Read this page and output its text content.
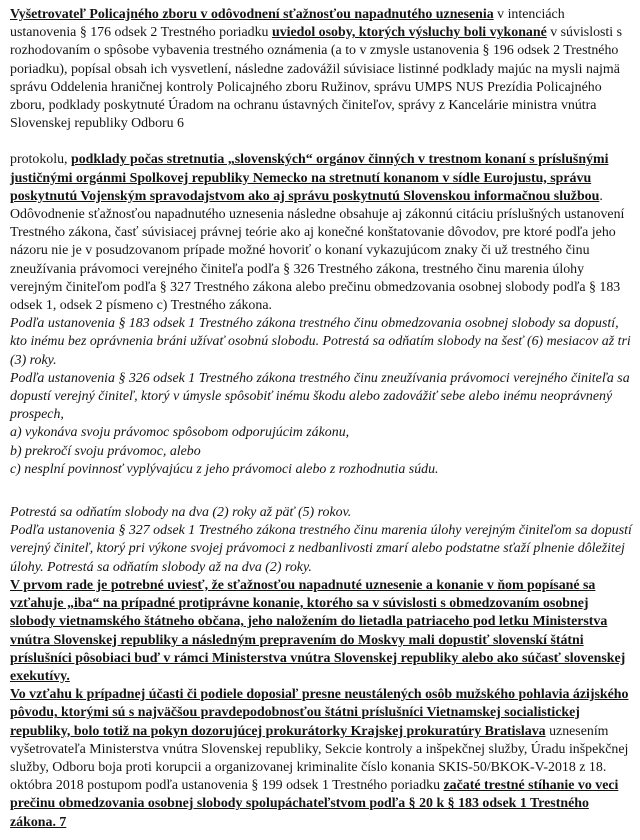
Vyšetrovateľ Policajného zboru v odôvodnení sťažnosťou napadnutého uznesenia v intenciách ustanovenia § 176 odsek 2 Trestného poriadku uviedol osoby, ktorých výsluchy boli vykonané v súvislosti s rozhodovaním o spôsobe vybavenia trestného oznámenia (a to v zmysle ustanovenia § 196 odsek 2 Trestného poriadku), popísal obsah ich vysvetlení, následne zadovážil súvisiace listinné podklady majúc na mysli najmä správu Oddelenia hraničnej kontroly Policajného zboru Ružinov, správu UMPS NUS Prezídia Policajného zboru, podklady poskytnuté Úradom na ochranu ústavných činiteľov, správy z Kancelárie ministra vnútra Slovenskej republiky Odboru 6

protokolu, podklady počas stretnutia „slovenských“ orgánov činných v trestnom konaní s príslušnými justičnými orgánmi Spolkovej republiky Nemecko na stretnutí konanom v sídle Eurojustu, správu poskytnutú Vojenským spravodajstvom ako aj správu poskytnutú Slovenskou informačnou službou. Odôvodnenie sťažnosťou napadnutého uznesenia následne obsahuje aj zákonnú citáciu príslušných ustanovení Trestného zákona, časť súvisiacej právnej teórie ako aj konečné konštatovanie dôvodov, pre ktoré podľa jeho názoru nie je v posudzovanom prípade možné hovoriť o konaní vykazujúcom znaky či už trestného činu zneužívania právomoci verejného činiteľa podľa § 326 Trestného zákona, trestného činu marenia úlohy verejným činiteľom podľa § 327 Trestného zákona alebo prečinu obmedzovania osobnej slobody podľa § 183 odsek 1, odsek 2 písmeno c) Trestného zákona.

Podľa ustanovenia § 183 odsek 1 Trestného zákona trestného činu obmedzovania osobnej slobody sa dopustí, kto inému bez oprávnenia bráni užívať osobnú slobodu. Potrestá sa odňatím slobody na šesť (6) mesiacov až tri (3) roky.

Podľa ustanovenia § 326 odsek 1 Trestného zákona trestného činu zneužívania právomoci verejného činiteľa sa dopustí verejný činiteľ, ktorý v úmysle spôsobiť inému škodu alebo zadovážiť sebe alebo inému neoprávnený prospech,

a) vykonáva svoju právomoc spôsobom odporujúcim zákonu,

b) prekročí svoju právomoc, alebo

c) nesplní povinnosť vyplývajúcu z jeho právomoci alebo z rozhodnutia súdu.

Potrestá sa odňatím slobody na dva (2) roky až päť (5) rokov.

Podľa ustanovenia § 327 odsek 1 Trestného zákona trestného činu marenia úlohy verejným činiteľom sa dopustí verejný činiteľ, ktorý pri výkone svojej právomoci z nedbanlivosti zmarí alebo podstatne sťaží plnenie dôležitej úlohy. Potrestá sa odňatím slobody až na dva (2) roky.

V prvom rade je potrebné uviesť, že sťažnosťou napadnuté uznesenie a konanie v ňom popísané sa vzťahuje „iba“ na prípadné protiprávne konanie, ktorého sa v súvislosti s obmedzovaním osobnej slobody vietnamského štátneho občana, jeho naložením do lietadla patriaceho pod letku Ministerstva vnútra Slovenskej republiky a následným prepravením do Moskvy mali dopustiť slovenskí štátni príslušníci pôsobiaci buď v rámci Ministerstva vnútra Slovenskej republiky alebo ako súčasť slovenskej exekutívy.

Vo vzťahu k prípadnej účasti či podiele doposiaľ presne neustálených osôb mužského pohlavia ázijského pôvodu, ktorými sú s najväčšou pravdepodobnosťou štátni príslušníci Vietnamskej socialistickej republiky, bolo totiž na pokyn dozorujúcej prokurátorky Krajskej prokuratúry Bratislava uznesením vyšetrovateľa Ministerstva vnútra Slovenskej republiky, Sekcie kontroly a inšpekčnej služby, Úradu inšpekčnej služby, Odboru boja proti korupcii a organizovanej kriminalite číslo konania SKIS-50/BKOK-V-2018 z 18. októbra 2018 postupom podľa ustanovenia § 199 odsek 1 Trestného poriadku začaté trestné stíhanie vo veci prečinu obmedzovania osobnej slobody spolupáchateľstvom podľa § 20 k § 183 odsek 1 Trestného zákona. 7
